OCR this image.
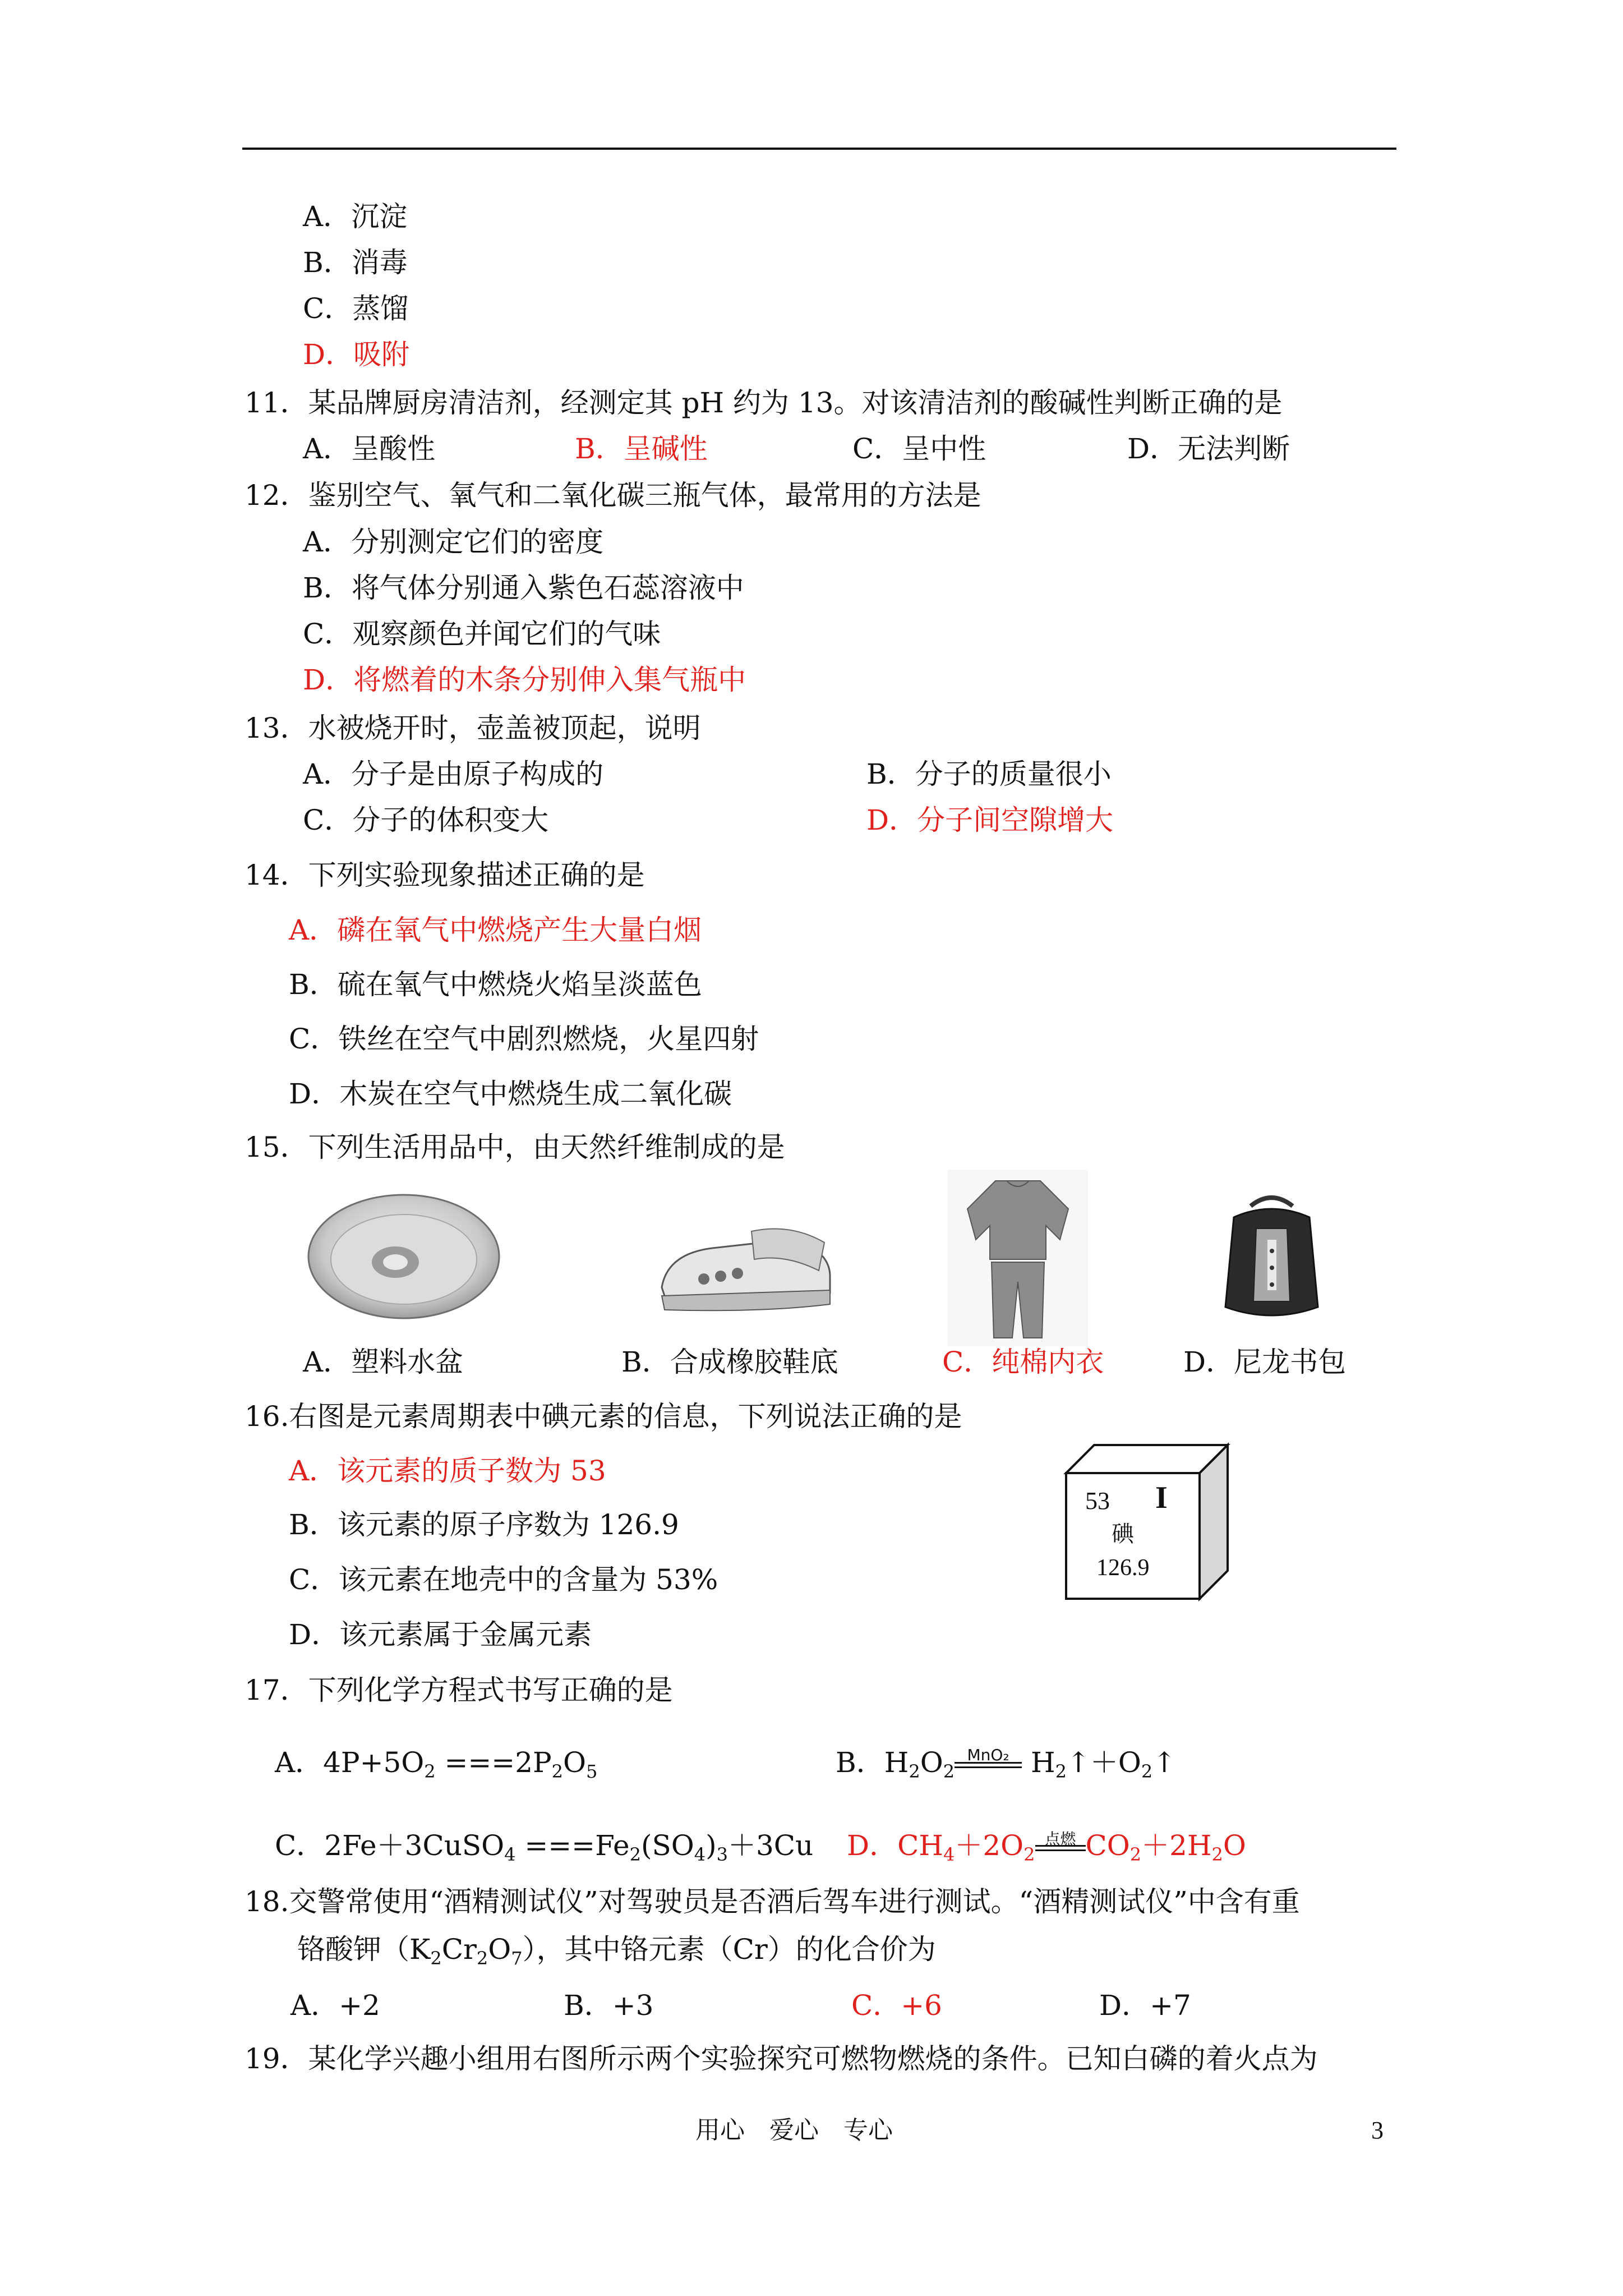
A．沉淀
B．消毒
C．蒸馏
D．吸附
11．某品牌厨房清洁剂，经测定其 pH 约为 13。对该清洁剂的酸碱性判断正确的是
A．呈酸性	B．呈碱性	C．呈中性	D．无法判断
12．鉴别空气、氧气和二氧化碳三瓶气体，最常用的方法是
A．分别测定它们的密度
B．将气体分别通入紫色石蕊溶液中
C．观察颜色并闻它们的气味
D．将燃着的木条分别伸入集气瓶中
13．水被烧开时，壶盖被顶起，说明
A．分子是由原子构成的	B．分子的质量很小
C．分子的体积变大	D．分子间空隙增大
14．下列实验现象描述正确的是
A．磷在氧气中燃烧产生大量白烟
B．硫在氧气中燃烧火焰呈淡蓝色
C．铁丝在空气中剧烈燃烧，火星四射
D．木炭在空气中燃烧生成二氧化碳
15．下列生活用品中，由天然纤维制成的是
A．塑料水盆	B．合成橡胶鞋底	C．纯棉内衣	D．尼龙书包
16.右图是元素周期表中碘元素的信息，下列说法正确的是
A．该元素的质子数为 53
B．该元素的原子序数为 126.9
C．该元素在地壳中的含量为 53%
D．该元素属于金属元素
53 I
碘
126.9
17．下列化学方程式书写正确的是
A．$4P+5O_2 ===2P_2O_5$	B．$H_2O_2$
MnO₂ $H_2↑+O_2↑$
C．2Fe＋3CuSO$_4$ $===Fe_2(SO_4)_3+3Cu$ D．$CH_4+2O_2$
点燃 $CO_2+2H_2O$
18.交警常使用“酒精测试仪”对驾驶员是否酒后驾车进行测试。“酒精测试仪”中含有重
铬酸钾$(K_2Cr_2O_7)$，其中铬元素（Cr）的化合价为
A．+2	B．+3	C．+6	D．+7
19．某化学兴趣小组用右图所示两个实验探究可燃物燃烧的条件。已知白磷的着火点为
用心　爱心　专心	3
